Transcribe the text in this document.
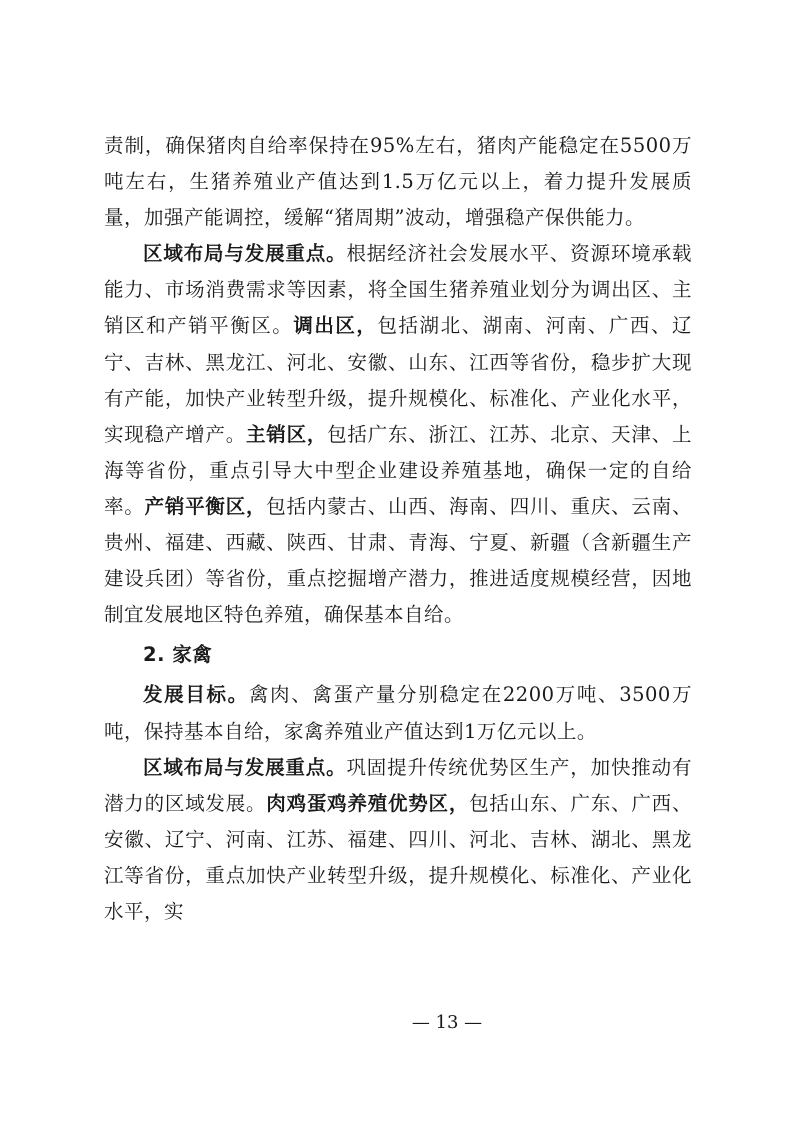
责制，确保猪肉自给率保持在95%左右，猪肉产能稳定在5500万吨左右，生猪养殖业产值达到1.5万亿元以上，着力提升发展质量，加强产能调控，缓解“猪周期”波动，增强稳产保供能力。

区域布局与发展重点。根据经济社会发展水平、资源环境承载能力、市场消费需求等因素，将全国生猪养殖业划分为调出区、主销区和产销平衡区。调出区，包括湖北、湖南、河南、广西、辽宁、吉林、黑龙江、河北、安徽、山东、江西等省份，稳步扩大现有产能，加快产业转型升级，提升规模化、标准化、产业化水平，实现稳产增产。主销区，包括广东、浙江、江苏、北京、天津、上海等省份，重点引导大中型企业建设养殖基地，确保一定的自给率。产销平衡区，包括内蒙古、山西、海南、四川、重庆、云南、贵州、福建、西藏、陕西、甘肃、青海、宁夏、新疆（含新疆生产建设兵团）等省份，重点挖掘增产潜力，推进适度规模经营，因地制宜发展地区特色养殖，确保基本自给。

2. 家禽

发展目标。禽肉、禽蛋产量分别稳定在2200万吨、3500万吨，保持基本自给，家禽养殖业产值达到1万亿元以上。

区域布局与发展重点。巩固提升传统优势区生产，加快推动有潜力的区域发展。肉鸡蛋鸡养殖优势区，包括山东、广东、广西、安徽、辽宁、河南、江苏、福建、四川、河北、吉林、湖北、黑龙江等省份，重点加快产业转型升级，提升规模化、标准化、产业化水平，实

— 13 —
